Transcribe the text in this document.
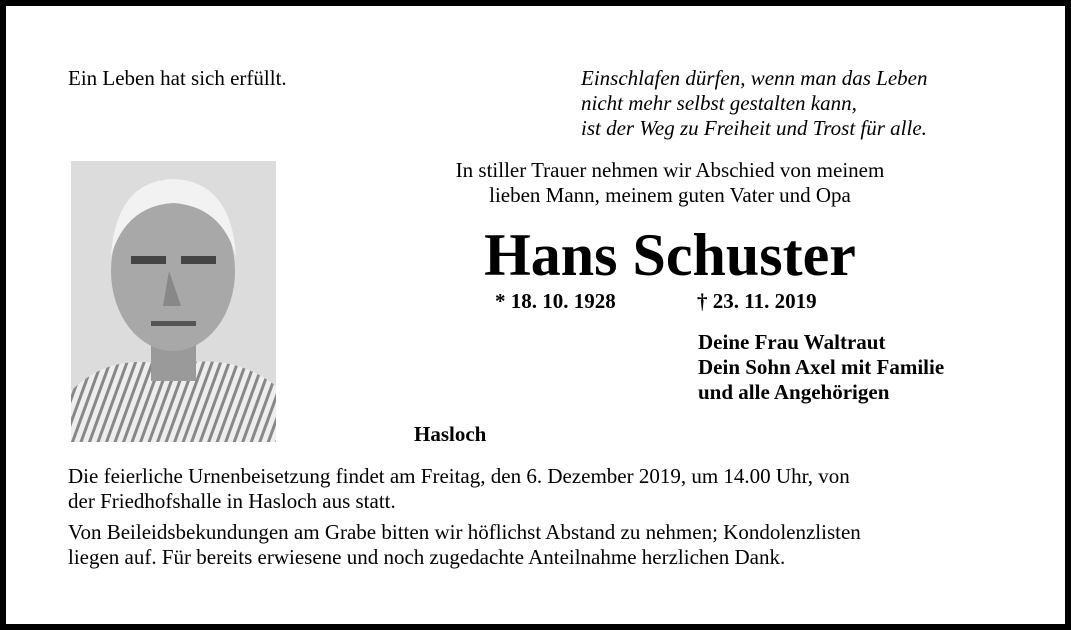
Ein Leben hat sich erfüllt.	Einschlafen dürfen, wenn man das Leben
nicht mehr selbst gestalten kann,
ist der Weg zu Freiheit und Trost für alle.
In stiller Trauer nehmen wir Abschied von meinem
lieben Mann, meinem guten Vater und Opa
Hans Schuster
* 18. 10. 1928	† 23. 11. 2019
Deine Frau Waltraut
Dein Sohn Axel mit Familie
und alle Angehörigen
Hasloch
Die feierliche Urnenbeisetzung findet am Freitag, den 6. Dezember 2019, um 14.00 Uhr, von
der Friedhofshalle in Hasloch aus statt.
Von Beileidsbekundungen am Grabe bitten wir höflichst Abstand zu nehmen; Kondolenzlisten
liegen auf. Für bereits erwiesene und noch zugedachte Anteilnahme herzlichen Dank.
